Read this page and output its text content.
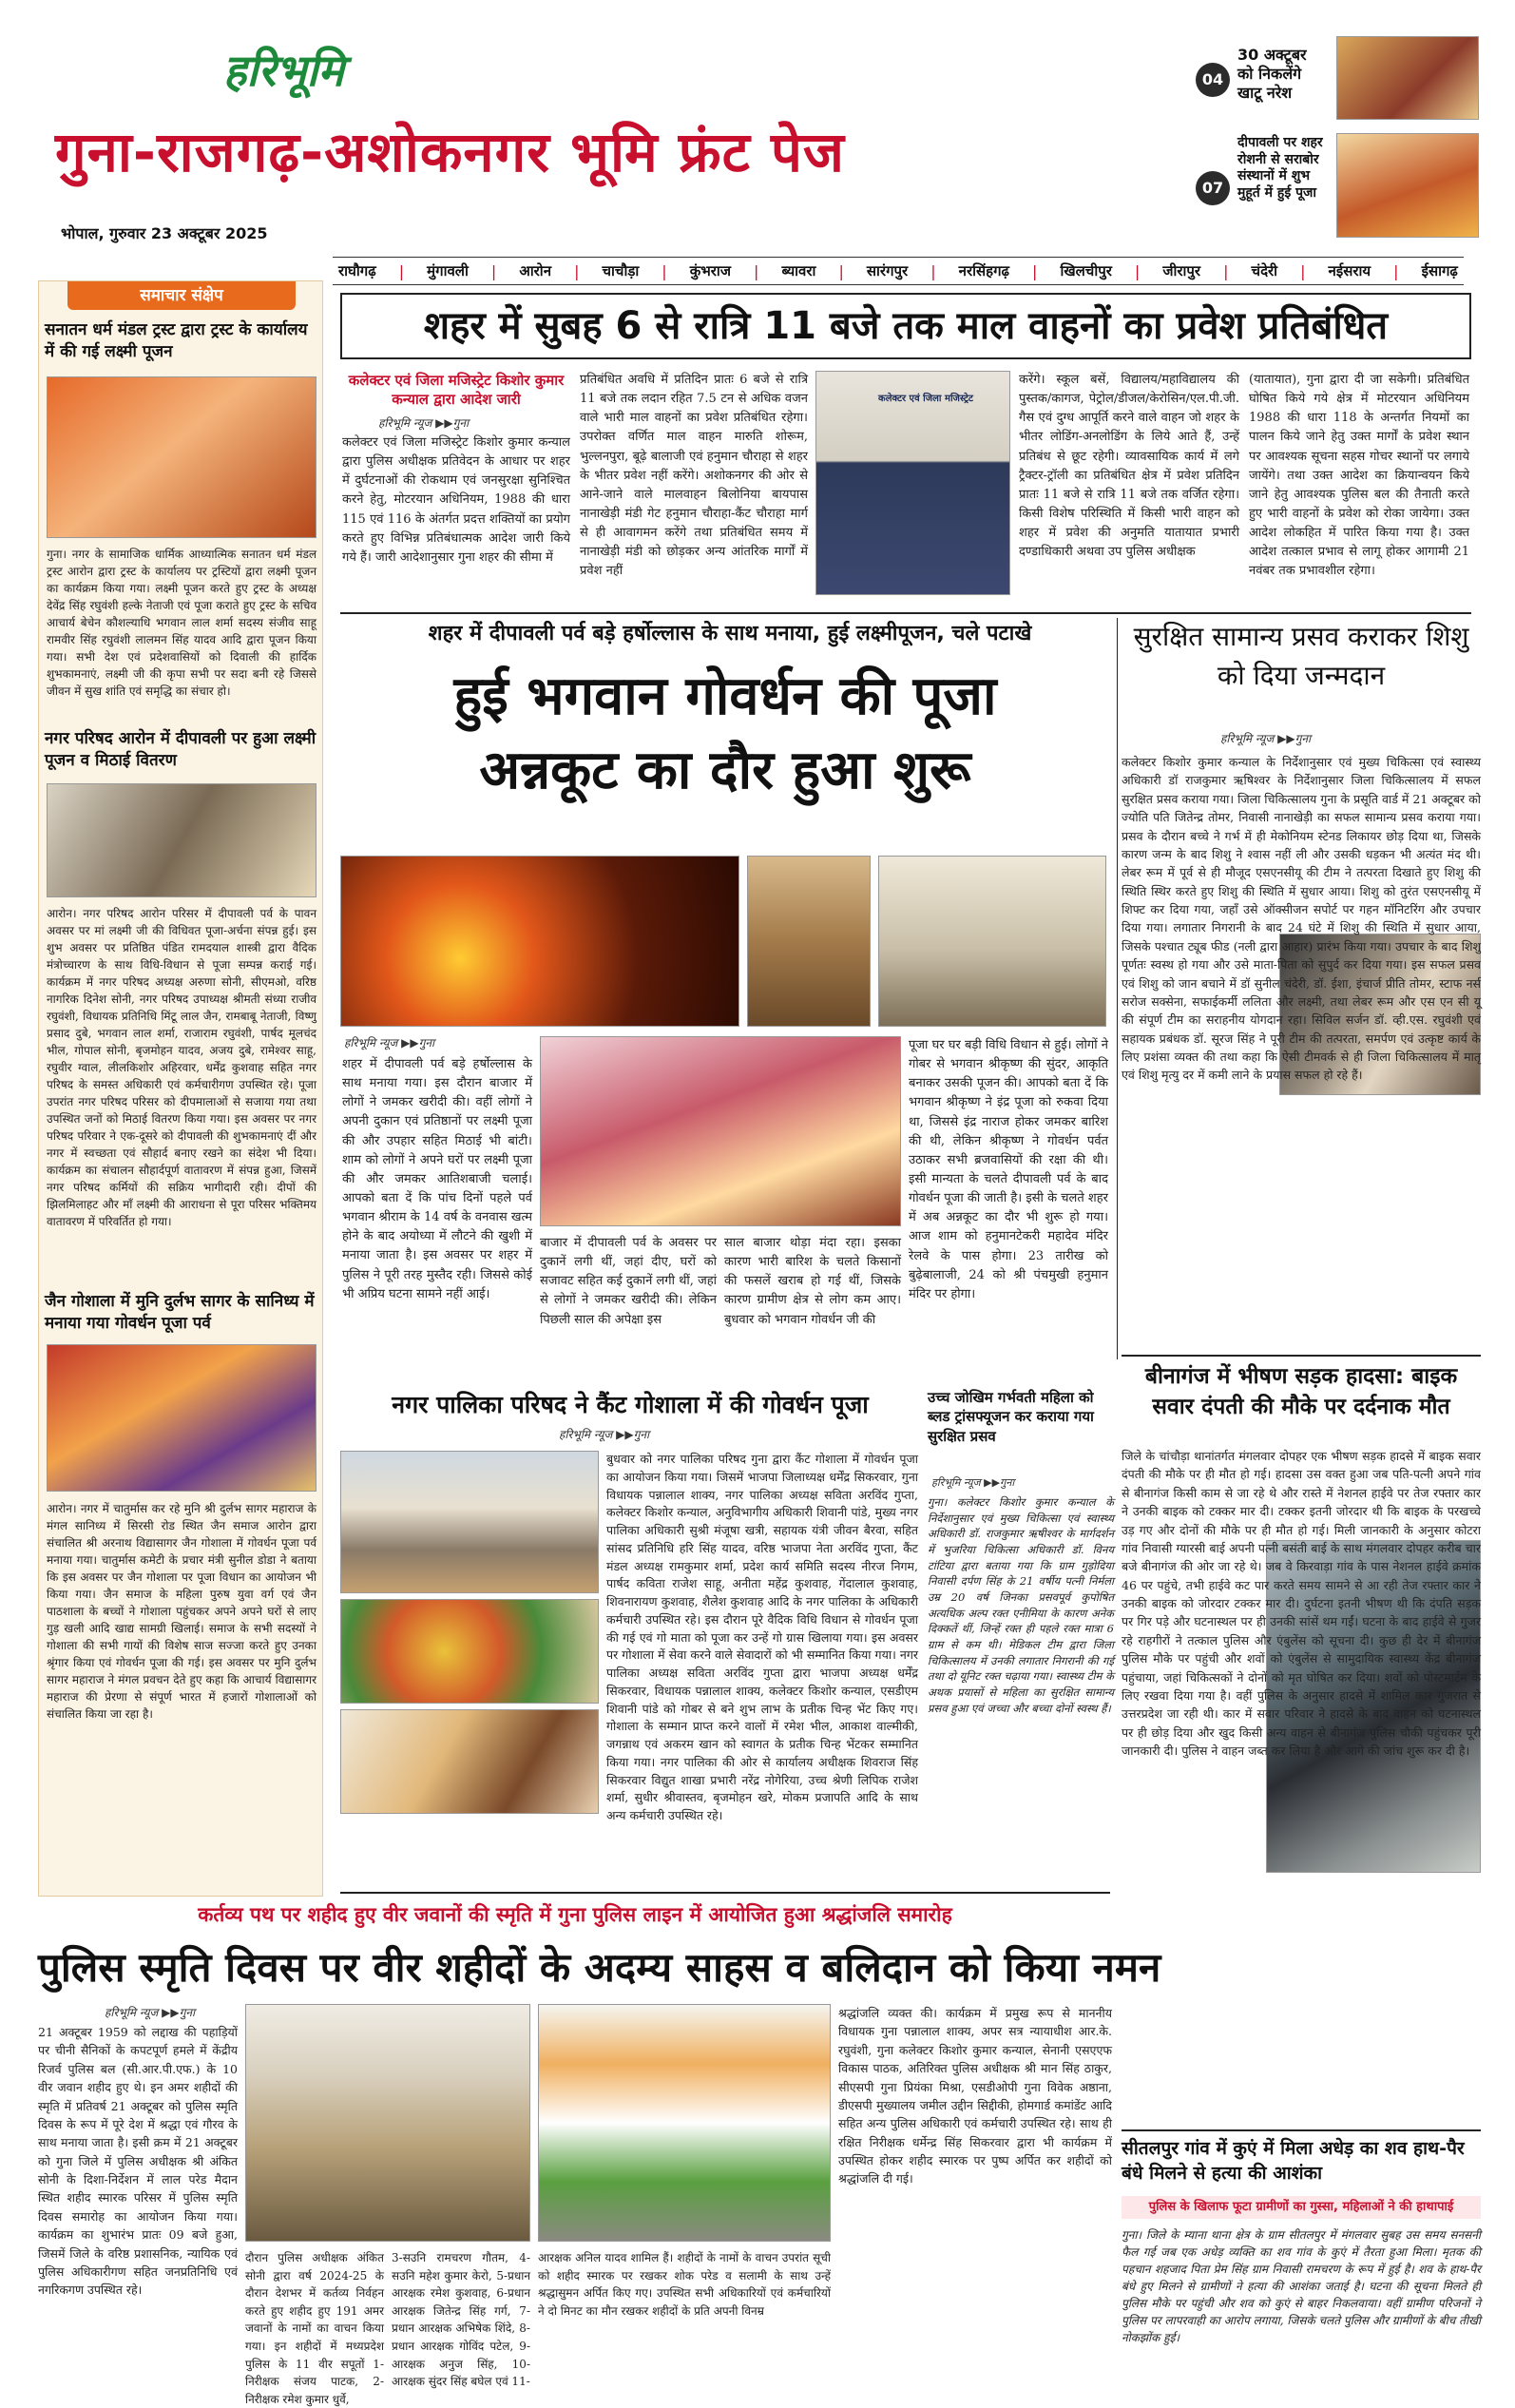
हरिभूमि
गुना-राजगढ़-अशोकनगर भूमि फ्रंट पेज
भोपाल, गुरुवार 23 अक्टूबर 2025
04
30 अक्टूबर को निकलेंगे खाटू नरेश
07
दीपावली पर शहर रोशनी से सराबोर संस्थानों में शुभ मुहूर्त में हुई पूजा
राघौगढ़ | मुंगावली | आरोन | चाचौड़ा | कुंभराज | ब्यावरा | सारंगपुर | नरसिंहगढ़ | खिलचीपुर | जीरापुर | चंदेरी | नईसराय | ईसागढ़
समाचार संक्षेप
सनातन धर्म मंडल ट्रस्ट द्वारा ट्रस्ट के कार्यालय में की गई लक्ष्मी पूजन
गुना। नगर के सामाजिक धार्मिक आध्यात्मिक सनातन धर्म मंडल ट्रस्ट आरोन द्वारा ट्रस्ट के कार्यालय पर ट्रस्टियों द्वारा लक्ष्मी पूजन का कार्यक्रम किया गया। लक्ष्मी पूजन करते हुए ट्रस्ट के अध्यक्ष देवेंद्र सिंह रघुवंशी हल्के नेताजी एवं पूजा कराते हुए ट्रस्ट के सचिव आचार्य बेचेन कौशल्याधि भगवान लाल शर्मा सदस्य संजीव साहू रामवीर सिंह रघुवंशी लालमन सिंह यादव आदि द्वारा पूजन किया गया। सभी देश एवं प्रदेशवासियों को दिवाली की हार्दिक शुभकामनाएं, लक्ष्मी जी की कृपा सभी पर सदा बनी रहे जिससे जीवन में सुख शांति एवं समृद्धि का संचार हो।
नगर परिषद आरोन में दीपावली पर हुआ लक्ष्मी पूजन व मिठाई वितरण
आरोन। नगर परिषद आरोन परिसर में दीपावली पर्व के पावन अवसर पर मां लक्ष्मी जी की विधिवत पूजा-अर्चना संपन्न हुई। इस शुभ अवसर पर प्रतिष्ठित पंडित रामदयाल शास्त्री द्वारा वैदिक मंत्रोच्चारण के साथ विधि-विधान से पूजा सम्पन्न कराई गई। कार्यक्रम में नगर परिषद अध्यक्ष अरुणा सोनी, सीएमओ, वरिष्ठ नागरिक दिनेश सोनी, नगर परिषद उपाध्यक्ष श्रीमती संध्या राजीव रघुवंशी, विधायक प्रतिनिधि मिंटू लाल जैन, रामबाबू नेताजी, विष्णु प्रसाद दुबे, भगवान लाल शर्मा, राजाराम रघुवंशी, पार्षद मूलचंद भील, गोपाल सोनी, बृजमोहन यादव, अजय दुबे, रामेश्वर साहू, रघुवीर ग्वाल, लीलकिशोर अहिरवार, धर्मेंद्र कुशवाह सहित नगर परिषद के समस्त अधिकारी एवं कर्मचारीगण उपस्थित रहे। पूजा उपरांत नगर परिषद परिसर को दीपमालाओं से सजाया गया तथा उपस्थित जनों को मिठाई वितरण किया गया। इस अवसर पर नगर परिषद परिवार ने एक-दूसरे को दीपावली की शुभकामनाएं दीं और नगर में स्वच्छता एवं सौहार्द बनाए रखने का संदेश भी दिया। कार्यक्रम का संचालन सौहार्दपूर्ण वातावरण में संपन्न हुआ, जिसमें नगर परिषद कर्मियों की सक्रिय भागीदारी रही। दीपों की झिलमिलाहट और माँ लक्ष्मी की आराधना से पूरा परिसर भक्तिमय वातावरण में परिवर्तित हो गया।
जैन गोशाला में मुनि दुर्लभ सागर के सानिध्य में मनाया गया गोवर्धन पूजा पर्व
आरोन। नगर में चातुर्मास कर रहे मुनि श्री दुर्लभ सागर महाराज के मंगल सानिध्य में सिरसी रोड स्थित जैन समाज आरोन द्वारा संचालित श्री अरनाथ विद्यासागर जैन गोशाला में गोवर्धन पूजा पर्व मनाया गया। चातुर्मास कमेटी के प्रचार मंत्री सुनील डोडा ने बताया कि इस अवसर पर जैन गोशाला पर पूजा विधान का आयोजन भी किया गया। जैन समाज के महिला पुरुष युवा वर्ग एवं जैन पाठशाला के बच्चों ने गोशाला पहुंचकर अपने अपने घरों से लाए गुड़ खली आदि खाद्य सामग्री खिलाई। समाज के सभी सदस्यों ने गोशाला की सभी गायों की विशेष साज सज्जा करते हुए उनका श्रृंगार किया एवं गोवर्धन पूजा की गई। इस अवसर पर मुनि दुर्लभ सागर महाराज ने मंगल प्रवचन देते हुए कहा कि आचार्य विद्यासागर महाराज की प्रेरणा से संपूर्ण भारत में हजारों गोशालाओं को संचालित किया जा रहा है।
शहर में सुबह 6 से रात्रि 11 बजे तक माल वाहनों का प्रवेश प्रतिबंधित
कलेक्टर एवं जिला मजिस्ट्रेट किशोर कुमार कन्याल द्वारा आदेश जारी
हरिभूमि न्यूज ▶▶गुना
कलेक्टर एवं जिला मजिस्ट्रेट किशोर कुमार कन्याल द्वारा पुलिस अधीक्षक प्रतिवेदन के आधार पर शहर में दुर्घटनाओं की रोकथाम एवं जनसुरक्षा सुनिश्चित करने हेतु, मोटरयान अधिनियम, 1988 की धारा 115 एवं 116 के अंतर्गत प्रदत्त शक्तियों का प्रयोग करते हुए विभिन्न प्रतिबंधात्मक आदेश जारी किये गये हैं। जारी आदेशानुसार गुना शहर की सीमा में
प्रतिबंधित अवधि में प्रतिदिन प्रातः 6 बजे से रात्रि 11 बजे तक लदान रहित 7.5 टन से अधिक वजन वाले भारी माल वाहनों का प्रवेश प्रतिबंधित रहेगा। उपरोक्त वर्णित माल वाहन मारुति शोरूम, भुल्लनपुरा, बूढ़े बालाजी एवं हनुमान चौराहा से शहर के भीतर प्रवेश नहीं करेंगे। अशोकनगर की ओर से आने-जाने वाले मालवाहन बिलोनिया बायपास नानाखेड़ी मंडी गेट हनुमान चौराहा-कैंट चौराहा मार्ग से ही आवागमन करेंगे तथा प्रतिबंधित समय में नानाखेड़ी मंडी को छोड़कर अन्य आंतरिक मार्गों में प्रवेश नहीं
कलेक्टर एवं जिला मजिस्ट्रेट
करेंगे। स्कूल बसें, विद्यालय/महाविद्यालय की पुस्तक/कागज, पेट्रोल/डीजल/केरोसिन/एल.पी.जी. गैस एवं दुग्ध आपूर्ति करने वाले वाहन जो शहर के भीतर लोडिंग-अनलोडिंग के लिये आते हैं, उन्हें प्रतिबंध से छूट रहेगी। व्यावसायिक कार्य में लगे ट्रैक्टर-ट्रॉली का प्रतिबंधित क्षेत्र में प्रवेश प्रतिदिन प्रातः 11 बजे से रात्रि 11 बजे तक वर्जित रहेगा। किसी विशेष परिस्थिति में किसी भारी वाहन को शहर में प्रवेश की अनुमति यातायात प्रभारी दण्डाधिकारी अथवा उप पुलिस अधीक्षक
(यातायात), गुना द्वारा दी जा सकेगी। प्रतिबंधित घोषित किये गये क्षेत्र में मोटरयान अधिनियम 1988 की धारा 118 के अन्तर्गत नियमों का पालन किये जाने हेतु उक्त मार्गों के प्रवेश स्थान पर आवश्यक सूचना सहस गोचर स्थानों पर लगाये जायेंगे। तथा उक्त आदेश का क्रियान्वयन किये जाने हेतु आवश्यक पुलिस बल की तैनाती करते हुए भारी वाहनों के प्रवेश को रोका जायेगा। उक्त आदेश लोकहित में पारित किया गया है। उक्त आदेश तत्काल प्रभाव से लागू होकर आगामी 21 नवंबर तक प्रभावशील रहेगा।
शहर में दीपावली पर्व बड़े हर्षोल्लास के साथ मनाया, हुई लक्ष्मीपूजन, चले पटाखे
हुई भगवान गोवर्धन की पूजा
अन्नकूट का दौर हुआ शुरू
हरिभूमि न्यूज ▶▶गुना
शहर में दीपावली पर्व बड़े हर्षोल्लास के साथ मनाया गया। इस दौरान बाजार में लोगों ने जमकर खरीदी की। वहीं लोगों ने अपनी दुकान एवं प्रतिष्ठानों पर लक्ष्मी पूजा की और उपहार सहित मिठाई भी बांटी। शाम को लोगों ने अपने घरों पर लक्ष्मी पूजा की और जमकर आतिशबाजी चलाई। आपको बता दें कि पांच दिनों पहले पर्व भगवान श्रीराम के 14 वर्ष के वनवास खत्म होने के बाद अयोध्या में लौटने की खुशी में मनाया जाता है। इस अवसर पर शहर में पुलिस ने पूरी तरह मुस्तैद रही। जिससे कोई भी अप्रिय घटना सामने नहीं आई।
बाजार में दीपावली पर्व के अवसर पर दुकानें लगी थीं, जहां दीए, घरों को सजावट सहित कई दुकानें लगी थीं, जहां से लोगों ने जमकर खरीदी की। लेकिन पिछली साल की अपेक्षा इस
साल बाजार थोड़ा मंदा रहा। इसका कारण भारी बारिश के चलते किसानों की फसलें खराब हो गई थीं, जिसके कारण ग्रामीण क्षेत्र से लोग कम आए। बुधवार को भगवान गोवर्धन जी की
पूजा घर घर बड़ी विधि विधान से हुई। लोगों ने गोबर से भगवान श्रीकृष्ण की सुंदर, आकृति बनाकर उसकी पूजन की। आपको बता दें कि भगवान श्रीकृष्ण ने इंद्र पूजा को रुकवा दिया था, जिससे इंद्र नाराज होकर जमकर बारिश की थी, लेकिन श्रीकृष्ण ने गोवर्धन पर्वत उठाकर सभी ब्रजवासियों की रक्षा की थी। इसी मान्यता के चलते दीपावली पर्व के बाद गोवर्धन पूजा की जाती है। इसी के चलते शहर में अब अन्नकूट का दौर भी शुरू हो गया। आज शाम को हनुमानटेकरी महादेव मंदिर रेलवे के पास होगा। 23 तारीख को बुढ़ेबालाजी, 24 को श्री पंचमुखी हनुमान मंदिर पर होगा।
सुरक्षित सामान्य प्रसव कराकर शिशु को दिया जन्मदान
हरिभूमि न्यूज ▶▶गुना
कलेक्टर किशोर कुमार कन्याल के निर्देशानुसार एवं मुख्य चिकित्सा एवं स्वास्थ्य अधिकारी डॉ राजकुमार ऋषिश्वर के निर्देशानुसार जिला चिकित्सालय में सफल सुरक्षित प्रसव कराया गया। जिला चिकित्सालय गुना के प्रसूति वार्ड में 21 अक्टूबर को ज्योति पति जितेन्द्र तोमर, निवासी नानाखेड़ी का सफल सामान्य प्रसव कराया गया। प्रसव के दौरान बच्चे ने गर्भ में ही मेकोनियम स्टेनड लिकायर छोड़ दिया था, जिसके कारण जन्म के बाद शिशु ने श्वास नहीं ली और उसकी धड़कन भी अत्यंत मंद थी। लेबर रूम में पूर्व से ही मौजूद एसएनसीयू की टीम ने तत्परता दिखाते हुए शिशु की स्थिति स्थिर करते हुए शिशु की स्थिति में सुधार आया। शिशु को तुरंत एसएनसीयू में शिफ्ट कर दिया गया, जहाँ उसे ऑक्सीजन सपोर्ट पर गहन मॉनिटरिंग और उपचार दिया गया। लगातार निगरानी के बाद 24 घंटे में शिशु की स्थिति में सुधार आया, जिसके पश्चात ट्यूब फीड (नली द्वारा आहार) प्रारंभ किया गया। उपचार के बाद शिशु पूर्णतः स्वस्थ हो गया और उसे माता-पिता को सुपुर्द कर दिया गया। इस सफल प्रसव एवं शिशु को जान बचाने में डॉ सुनील चंदेरी, डॉ. ईशा, इंचार्ज प्रीति तोमर, स्टाफ नर्स सरोज सक्सेना, सफाईकर्मी ललिता और लक्ष्मी, तथा लेबर रूम और एस एन सी यू की संपूर्ण टीम का सराहनीय योगदान रहा। सिविल सर्जन डॉ. व्ही.एस. रघुवंशी एवं सहायक प्रबंधक डॉ. सूरज सिंह ने पूरी टीम की तत्परता, समर्पण एवं उत्कृष्ट कार्य के लिए प्रशंसा व्यक्त की तथा कहा कि ऐसी टीमवर्क से ही जिला चिकित्सालय में मातृ एवं शिशु मृत्यु दर में कमी लाने के प्रयास सफल हो रहे हैं।
बीनागंज में भीषण सड़क हादसा: बाइक सवार दंपती की मौके पर दर्दनाक मौत
जिले के चांचौड़ा थानांतर्गत मंगलवार दोपहर एक भीषण सड़क हादसे में बाइक सवार दंपती की मौके पर ही मौत हो गई। हादसा उस वक्त हुआ जब पति-पत्नी अपने गांव से बीनागंज किसी काम से जा रहे थे और रास्ते में नेशनल हाईवे पर तेज रफ्तार कार ने उनकी बाइक को टक्कर मार दी। टक्कर इतनी जोरदार थी कि बाइक के परखच्चे उड़ गए और दोनों की मौके पर ही मौत हो गई। मिली जानकारी के अनुसार कोटरा गांव निवासी ग्यारसी बाई अपनी पत्नी बसंती बाई के साथ मंगलवार दोपहर करीब चार बजे बीनागंज की ओर जा रहे थे। जब वे किरवाड़ा गांव के पास नेशनल हाईवे क्रमांक 46 पर पहुंचे, तभी हाईवे कट पार करते समय सामने से आ रही तेज रफ्तार कार ने उनकी बाइक को जोरदार टक्कर मार दी। दुर्घटना इतनी भीषण थी कि दंपति सड़क पर गिर पड़े और घटनास्थल पर ही उनकी सांसें थम गईं। घटना के बाद हाईवे से गुजर रहे राहगीरों ने तत्काल पुलिस और एंबुलेंस को सूचना दी। कुछ ही देर में बीनागंज पुलिस मौके पर पहुंची और शवों को एंबुलेंस से सामुदायिक स्वास्थ्य केंद्र बीनागंज पहुंचाया, जहां चिकित्सकों ने दोनों को मृत घोषित कर दिया। शवों को पोस्टमार्टम के लिए रखवा दिया गया है। वहीं पुलिस के अनुसार हादसे में शामिल कार गुजरात से उत्तरप्रदेश जा रही थी। कार में सवार परिवार ने हादसे के बाद वाहन को घटनास्थल पर ही छोड़ दिया और खुद किसी अन्य वाहन से बीनागंज पुलिस चौकी पहुंचकर पूरी जानकारी दी। पुलिस ने वाहन जब्त कर लिया है और आगे की जांच शुरू कर दी है।
नगर पालिका परिषद ने कैंट गोशाला में की गोवर्धन पूजा
हरिभूमि न्यूज ▶▶गुना
बुधवार को नगर पालिका परिषद गुना द्वारा कैंट गोशाला में गोवर्धन पूजा का आयोजन किया गया। जिसमें भाजपा जिलाध्यक्ष धर्मेंद्र सिकरवार, गुना विधायक पन्नालाल शाक्य, नगर पालिका अध्यक्ष सविता अरविंद गुप्ता, कलेक्टर किशोर कन्याल, अनुविभागीय अधिकारी शिवानी पांडे, मुख्य नगर पालिका अधिकारी सुश्री मंजूषा खत्री, सहायक यंत्री जीवन बैरवा, सहित सांसद प्रतिनिधि हरि सिंह यादव, वरिष्ठ भाजपा नेता अरविंद गुप्ता, कैंट मंडल अध्यक्ष रामकुमार शर्मा, प्रदेश कार्य समिति सदस्य नीरज निगम, पार्षद कविता राजेश साहू, अनीता महेंद्र कुशवाह, गेंदालाल कुशवाह, शिवनारायण कुशवाह, शैलेश कुशवाह आदि के नगर पालिका के अधिकारी कर्मचारी उपस्थित रहे। इस दौरान पूरे वैदिक विधि विधान से गोवर्धन पूजा की गई एवं गो माता को पूजा कर उन्हें गो ग्रास खिलाया गया। इस अवसर पर गोशाला में सेवा करने वाले सेवादारों को भी सम्मानित किया गया। नगर पालिका अध्यक्ष सविता अरविंद गुप्ता द्वारा भाजपा अध्यक्ष धर्मेंद्र सिकरवार, विधायक पन्नालाल शाक्य, कलेक्टर किशोर कन्याल, एसडीएम शिवानी पांडे को गोबर से बने शुभ लाभ के प्रतीक चिन्ह भेंट किए गए। गोशाला के सम्मान प्राप्त करने वालों में रमेश भील, आकाश वाल्मीकी, जगन्नाथ एवं अकरम खान को स्वागत के प्रतीक चिन्ह भेंटकर सम्मानित किया गया। नगर पालिका की ओर से कार्यालय अधीक्षक शिवराज सिंह सिकरवार विद्युत शाखा प्रभारी नरेंद्र नोगेरिया, उच्च श्रेणी लिपिक राजेश शर्मा, सुधीर श्रीवास्तव, बृजमोहन खरे, मोकम प्रजापति आदि के साथ अन्य कर्मचारी उपस्थित रहे।
उच्च जोखिम गर्भवती महिला को ब्लड ट्रांसफ्यूजन कर कराया गया सुरक्षित प्रसव
हरिभूमि न्यूज ▶▶गुना
गुना। कलेक्टर किशोर कुमार कन्याल के निर्देशानुसार एवं मुख्य चिकित्सा एवं स्वास्थ्य अधिकारी डॉ. राजकुमार ऋषीश्वर के मार्गदर्शन में भुजरिया चिकित्सा अधिकारी डॉ. विनय टांटिया द्वारा बताया गया कि ग्राम गुड़ोदिया निवासी दर्पण सिंह के 21 वर्षीय पत्नी निर्मला उम्र 20 वर्ष जिनका प्रसवपूर्व कुपोषित अत्यधिक अल्प रक्त एनीमिया के कारण अनेक दिक्कतें थीं, जिन्हें रक्त ही पहले रक्त मात्रा 6 ग्राम से कम थी। मेडिकल टीम द्वारा जिला चिकित्सालय में उनकी लगातार निगरानी की गई तथा दो यूनिट रक्त चढ़ाया गया। स्वास्थ्य टीम के अथक प्रयासों से महिला का सुरक्षित सामान्य प्रसव हुआ एवं जच्चा और बच्चा दोनों स्वस्थ हैं।
कर्तव्य पथ पर शहीद हुए वीर जवानों की स्मृति में गुना पुलिस लाइन में आयोजित हुआ श्रद्धांजलि समारोह
पुलिस स्मृति दिवस पर वीर शहीदों के अदम्य साहस व बलिदान को किया नमन
हरिभूमि न्यूज ▶▶गुना
21 अक्टूबर 1959 को लद्दाख की पहाड़ियों पर चीनी सैनिकों के कपटपूर्ण हमले में केंद्रीय रिजर्व पुलिस बल (सी.आर.पी.एफ.) के 10 वीर जवान शहीद हुए थे। इन अमर शहीदों की स्मृति में प्रतिवर्ष 21 अक्टूबर को पुलिस स्मृति दिवस के रूप में पूरे देश में श्रद्धा एवं गौरव के साथ मनाया जाता है। इसी क्रम में 21 अक्टूबर को गुना जिले में पुलिस अधीक्षक श्री अंकित सोनी के दिशा-निर्देशन में लाल परेड मैदान स्थित शहीद स्मारक परिसर में पुलिस स्मृति दिवस समारोह का आयोजन किया गया। कार्यक्रम का शुभारंभ प्रातः 09 बजे हुआ, जिसमें जिले के वरिष्ठ प्रशासनिक, न्यायिक एवं पुलिस अधिकारीगण सहित जनप्रतिनिधि एवं नगरिकगण उपस्थित रहे।
दौरान पुलिस अधीक्षक अंकित सोनी द्वारा वर्ष 2024-25 के दौरान देशभर में कर्तव्य निर्वहन करते हुए शहीद हुए 191 अमर जवानों के नामों का वाचन किया गया। इन शहीदों में मध्यप्रदेश पुलिस के 11 वीर सपूतों 1-निरीक्षक संजय पाटक, 2-निरीक्षक रमेश कुमार धुर्वे,
3-सउनि रामचरण गौतम, 4-सउनि महेश कुमार केरो, 5-प्रधान आरक्षक रमेश कुशवाह, 6-प्रधान आरक्षक जितेन्द्र सिंह गर्ग, 7-प्रधान आरक्षक अभिषेक शिंदे, 8-प्रधान आरक्षक गोविंद पटेल, 9-आरक्षक अनुज सिंह, 10-आरक्षक सुंदर सिंह बघेल एवं 11-
आरक्षक अनिल यादव शामिल हैं। शहीदों के नामों के वाचन उपरांत सूची को शहीद स्मारक पर रखकर शोक परेड व सलामी के साथ उन्हें श्रद्धासुमन अर्पित किए गए। उपस्थित सभी अधिकारियों एवं कर्मचारियों ने दो मिनट का मौन रखकर शहीदों के प्रति अपनी विनम्र
श्रद्धांजलि व्यक्त की। कार्यक्रम में प्रमुख रूप से माननीय विधायक गुना पन्नालाल शाक्य, अपर सत्र न्यायाधीश आर.के. रघुवंशी, गुना कलेक्टर किशोर कुमार कन्याल, सेनानी एसएएफ विकास पाठक, अतिरिक्त पुलिस अधीक्षक श्री मान सिंह ठाकुर, सीएसपी गुना प्रियंका मिश्रा, एसडीओपी गुना विवेक अष्ठाना, डीएसपी मुख्यालय जमील उद्दीन सिद्दीकी, होमगार्ड कमांडेंट आदि सहित अन्य पुलिस अधिकारी एवं कर्मचारी उपस्थित रहे। साथ ही रक्षित निरीक्षक धर्मेन्द्र सिंह सिकरवार द्वारा भी कार्यक्रम में उपस्थित होकर शहीद स्मारक पर पुष्प अर्पित कर शहीदों को श्रद्धांजलि दी गई।
सीतलपुर गांव में कुएं में मिला अधेड़ का शव हाथ-पैर बंधे मिलने से हत्या की आशंका
पुलिस के खिलाफ फूटा ग्रामीणों का गुस्सा, महिलाओं ने की हाथापाई
गुना। जिले के म्याना थाना क्षेत्र के ग्राम सीतलपुर में मंगलवार सुबह उस समय सनसनी फैल गई जब एक अधेड़ व्यक्ति का शव गांव के कुएं में तैरता हुआ मिला। मृतक की पहचान शहजाद पिता प्रेम सिंह ग्राम निवासी रामचरण के रूप में हुई है। शव के हाथ-पैर बंधे हुए मिलने से ग्रामीणों ने हत्या की आशंका जताई है। घटना की सूचना मिलते ही पुलिस मौके पर पहुंची और शव को कुएं से बाहर निकलवाया। वहीं ग्रामीण परिजनों ने पुलिस पर लापरवाही का आरोप लगाया, जिसके चलते पुलिस और ग्रामीणों के बीच तीखी नोकझोंक हुई।
